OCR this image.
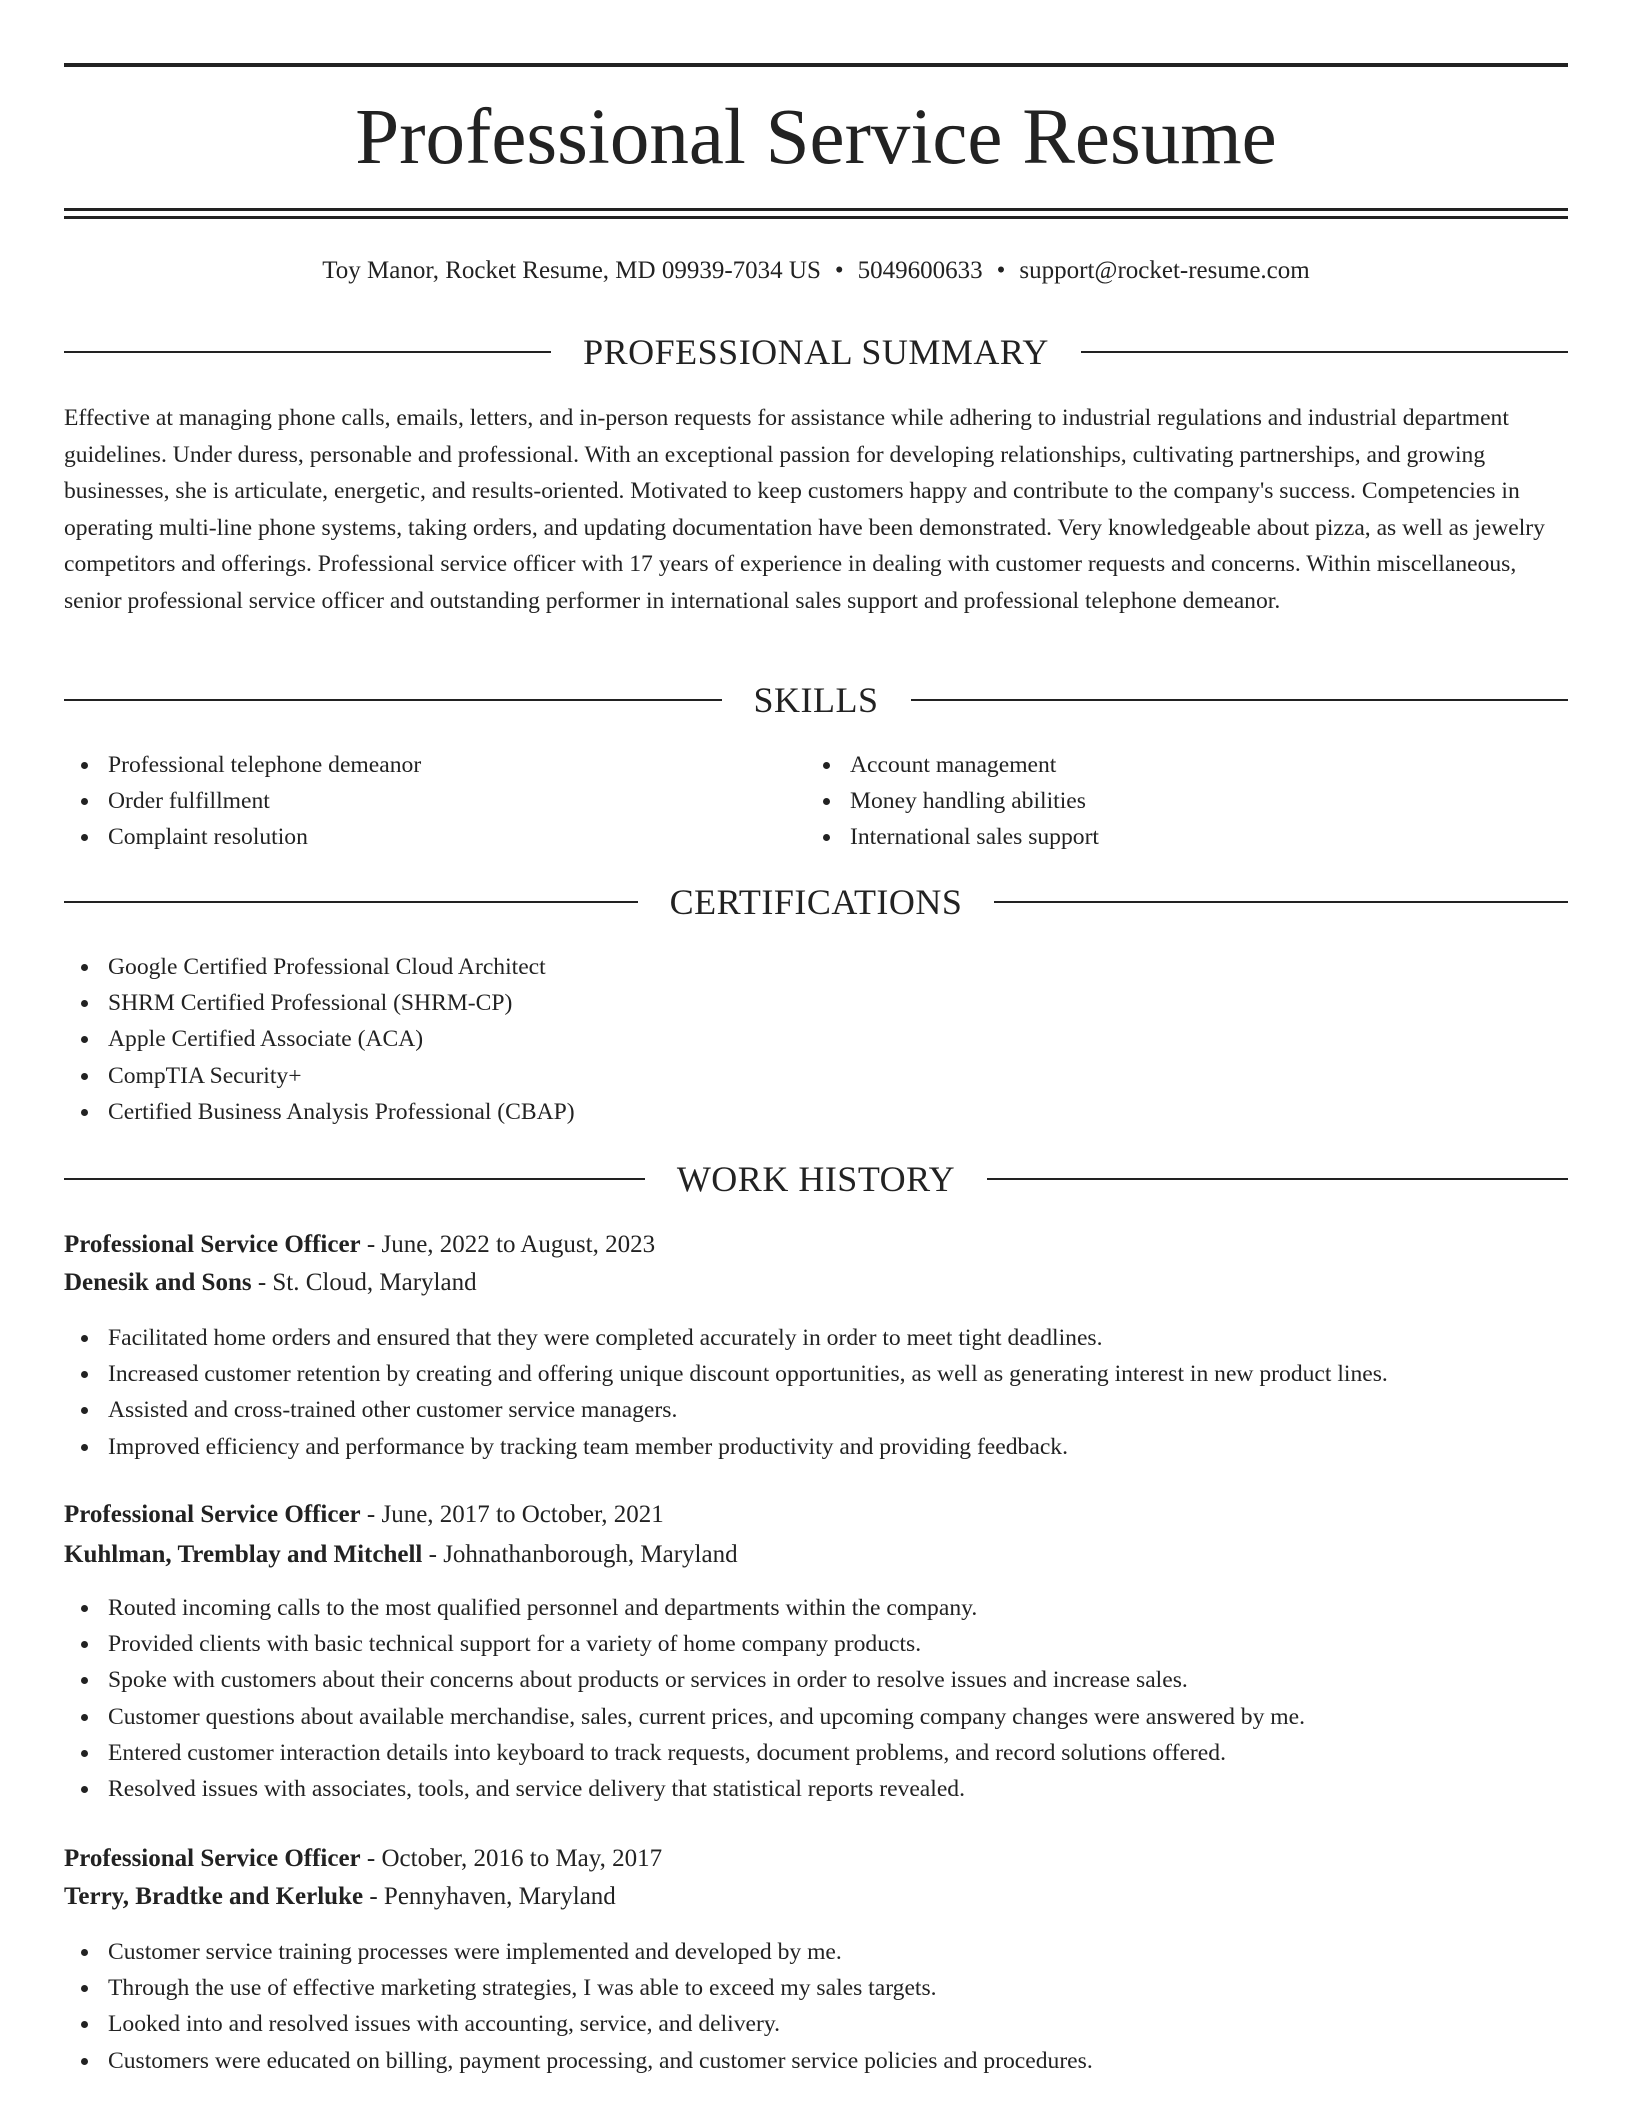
Professional Service Resume
Toy Manor, Rocket Resume, MD 09939-7034 US • 5049600633 • support@rocket-resume.com
PROFESSIONAL SUMMARY

Effective at managing phone calls, emails, letters, and in-person requests for assistance while adhering to industrial regulations and industrial department guidelines. Under duress, personable and professional. With an exceptional passion for developing relationships, cultivating partnerships, and growing businesses, she is articulate, energetic, and results-oriented. Motivated to keep customers happy and contribute to the company's success. Competencies in operating multi-line phone systems, taking orders, and updating documentation have been demonstrated. Very knowledgeable about pizza, as well as jewelry competitors and offerings. Professional service officer with 17 years of experience in dealing with customer requests and concerns. Within miscellaneous, senior professional service officer and outstanding performer in international sales support and professional telephone demeanor.

SKILLS
Professional telephone demeanor
Order fulfillment
Complaint resolution
Account management
Money handling abilities
International sales support
CERTIFICATIONS
Google Certified Professional Cloud Architect
SHRM Certified Professional (SHRM-CP)
Apple Certified Associate (ACA)
CompTIA Security+
Certified Business Analysis Professional (CBAP)
WORK HISTORY
Professional Service Officer - June, 2022 to August, 2023
Denesik and Sons - St. Cloud, Maryland
Facilitated home orders and ensured that they were completed accurately in order to meet tight deadlines.
Increased customer retention by creating and offering unique discount opportunities, as well as generating interest in new product lines.
Assisted and cross-trained other customer service managers.
Improved efficiency and performance by tracking team member productivity and providing feedback.
Professional Service Officer - June, 2017 to October, 2021
Kuhlman, Tremblay and Mitchell - Johnathanborough, Maryland
Routed incoming calls to the most qualified personnel and departments within the company.
Provided clients with basic technical support for a variety of home company products.
Spoke with customers about their concerns about products or services in order to resolve issues and increase sales.
Customer questions about available merchandise, sales, current prices, and upcoming company changes were answered by me.
Entered customer interaction details into keyboard to track requests, document problems, and record solutions offered.
Resolved issues with associates, tools, and service delivery that statistical reports revealed.
Professional Service Officer - October, 2016 to May, 2017
Terry, Bradtke and Kerluke - Pennyhaven, Maryland
Customer service training processes were implemented and developed by me.
Through the use of effective marketing strategies, I was able to exceed my sales targets.
Looked into and resolved issues with accounting, service, and delivery.
Customers were educated on billing, payment processing, and customer service policies and procedures.
